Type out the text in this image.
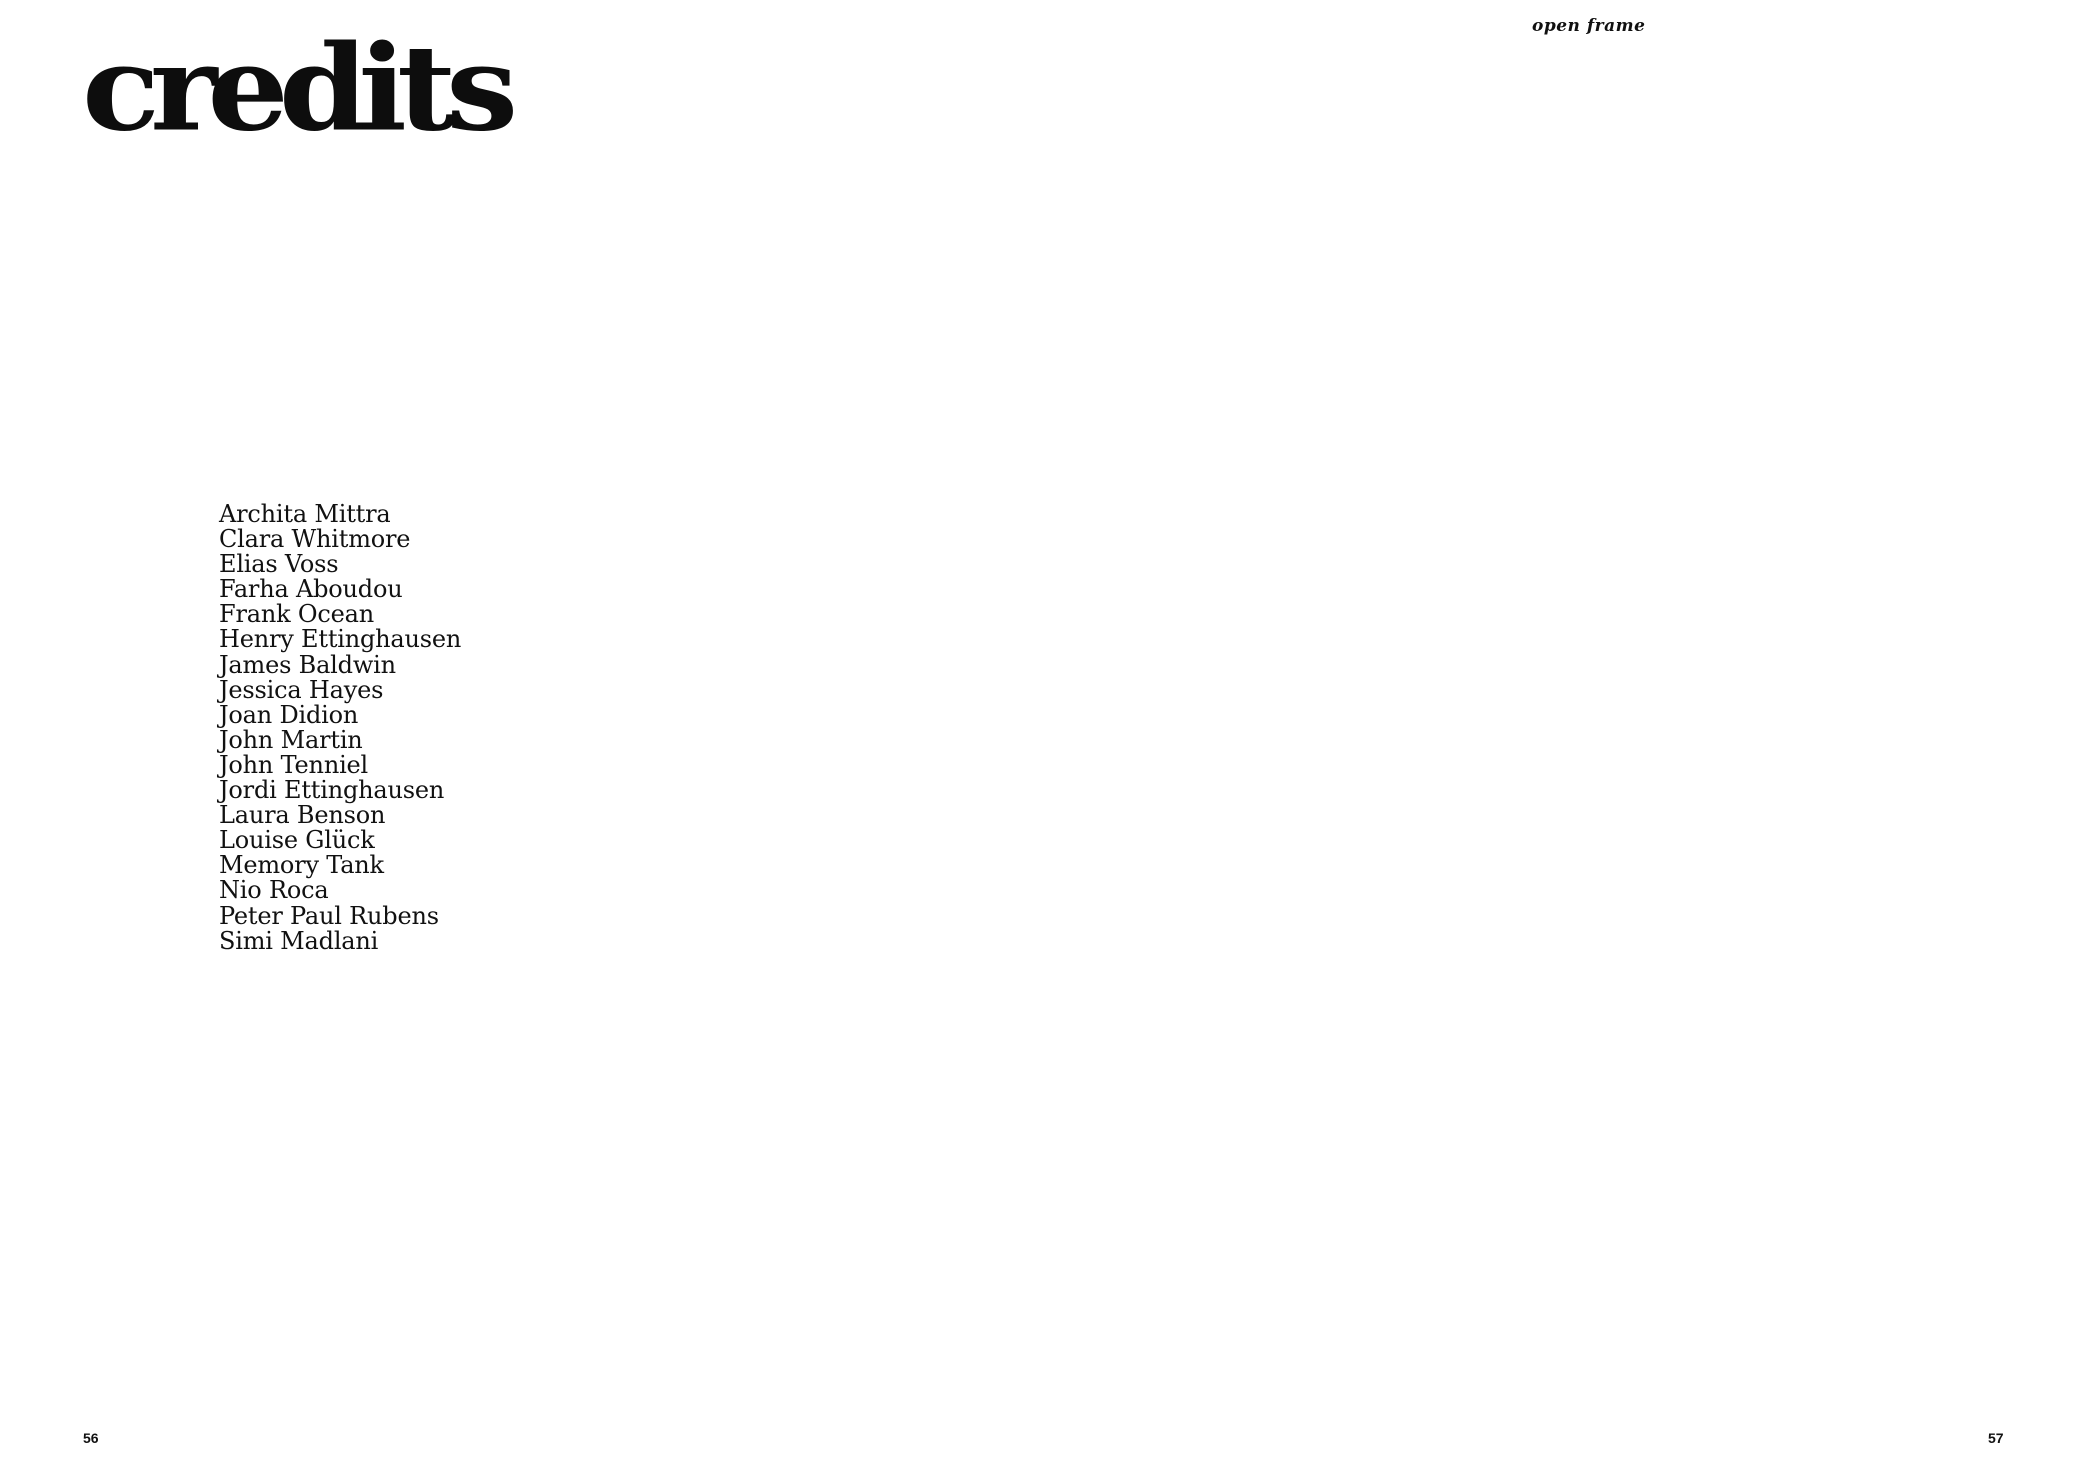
credits	open frame
Archita Mittra
Clara Whitmore
Elias Voss
Farha Aboudou
Frank Ocean
Henry Ettinghausen
James Baldwin
Jessica Hayes
Joan Didion
John Martin
John Tenniel
Jordi Ettinghausen
Laura Benson
Louise Glück
Memory Tank
Nio Roca
Peter Paul Rubens
Simi Madlani
56	57
